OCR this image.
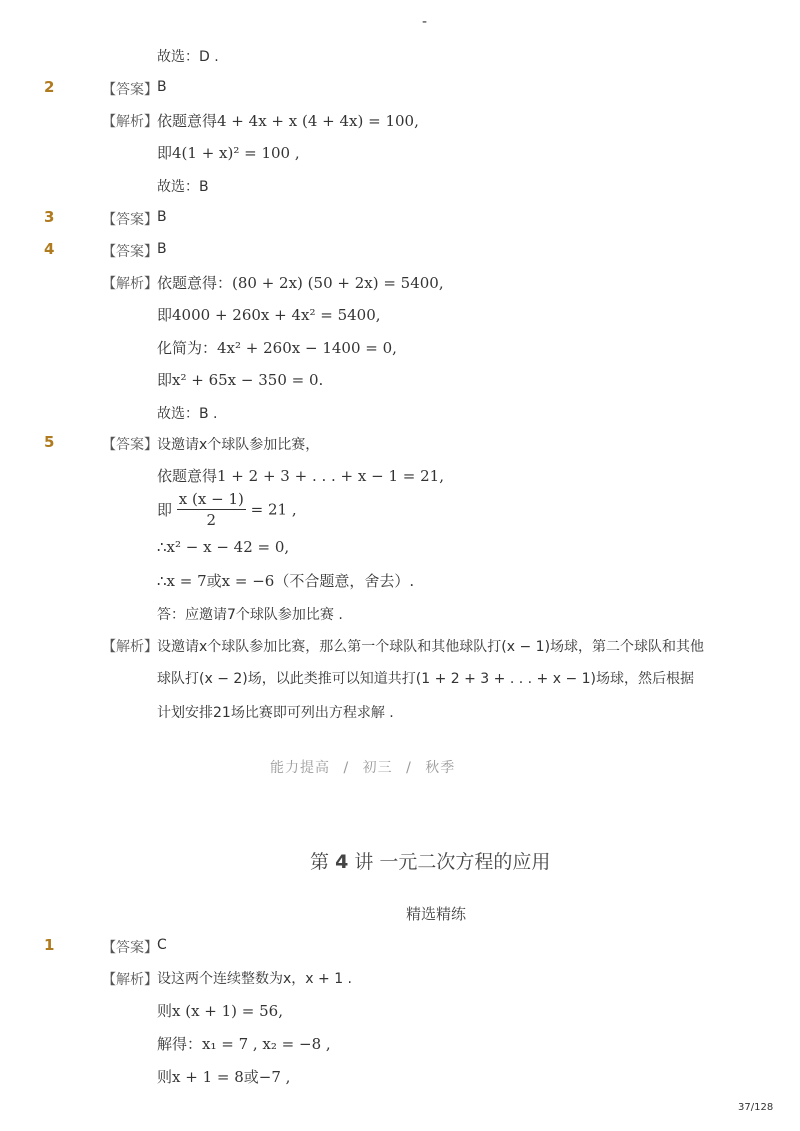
-
故选：D .
2	【答案】 B
【解析】 依题意得4 + 4x + x (4 + 4x) = 100,
即4(1 + x)² = 100 ,
故选：B
3	【答案】 B
4	【答案】 B
【解析】 依题意得：(80 + 2x) (50 + 2x) = 5400,
即4000 + 260x + 4x² = 5400,
化简为：4x² + 260x − 1400 = 0,
即x² + 65x − 350 = 0.
故选：B .
5	【答案】 设邀请x个球队参加比赛，
依题意得1 + 2 + 3 + . . . + x − 1 = 21,
即 $\frac{x (x - 1)}{2} = 21$ ,
∴x² − x − 42 = 0,
∴x = 7或x = −6（不合题意，舍去）.
答：应邀请7个球队参加比赛 .
【解析】 设邀请x个球队参加比赛，那么第一个球队和其他球队打(x − 1)场球，第二个球队和其他
球队打(x − 2)场，以此类推可以知道共打(1 + 2 + 3 + . . . + x − 1)场球，然后根据
计划安排21场比赛即可列出方程求解 .
能力提高 / 初三 / 秋季
第 4 讲 一元二次方程的应用
精选精练
1	【答案】 C
【解析】 设这两个连续整数为x，x + 1 .
则x (x + 1) = 56,
解得：x₁ = 7 , x₂ = −8 ,
则x + 1 = 8或−7 ,
37/128
